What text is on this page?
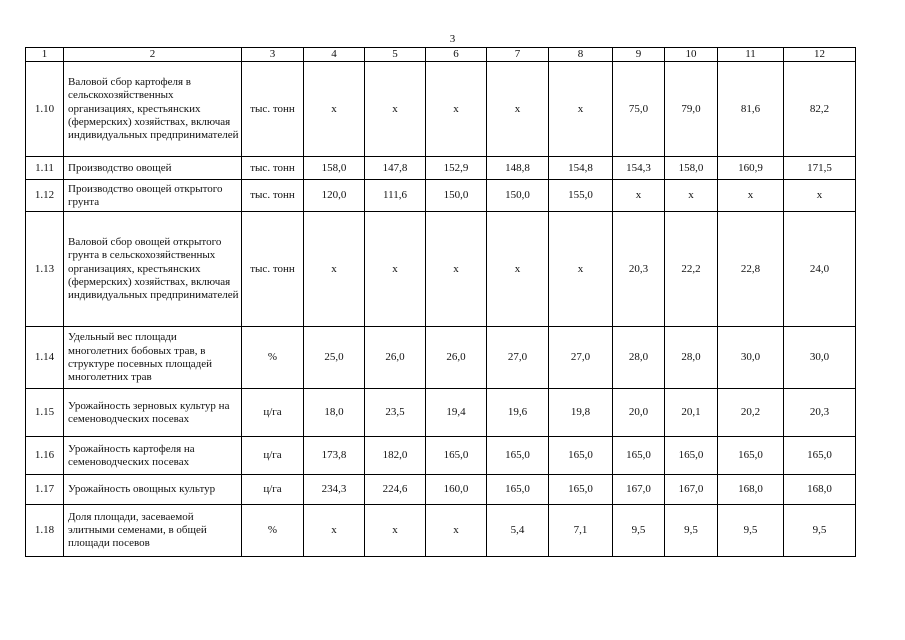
3
1	2	3	4	5	6	7	8	9	10	11	12
1.10	Валовой сбор картофеля в сельскохозяйственных организациях, крестьянских (фермерских) хозяйствах, включая индивидуальных предпринимателей	тыс. тонн	x	x	x	x	x	75,0	79,0	81,6	82,2
1.11	Производство овощей	тыс. тонн	158,0	147,8	152,9	148,8	154,8	154,3	158,0	160,9	171,5
1.12	Производство овощей открытого грунта	тыс. тонн	120,0	111,6	150,0	150,0	155,0	x	x	x	x
1.13	Валовой сбор овощей открытого грунта в сельскохозяйственных организациях, крестьянских (фермерских) хозяйствах, включая индивидуальных предпринимателей	тыс. тонн	x	x	x	x	x	20,3	22,2	22,8	24,0
1.14	Удельный вес площади многолетних бобовых трав, в структуре посевных площадей многолетних трав	%	25,0	26,0	26,0	27,0	27,0	28,0	28,0	30,0	30,0
1.15	Урожайность зерновых культур на семеноводческих посевах	ц/га	18,0	23,5	19,4	19,6	19,8	20,0	20,1	20,2	20,3
1.16	Урожайность картофеля на семеноводческих посевах	ц/га	173,8	182,0	165,0	165,0	165,0	165,0	165,0	165,0	165,0
1.17	Урожайность овощных культур	ц/га	234,3	224,6	160,0	165,0	165,0	167,0	167,0	168,0	168,0
1.18	Доля площади, засеваемой элитными семенами, в общей площади посевов	%	x	x	x	5,4	7,1	9,5	9,5	9,5	9,5
